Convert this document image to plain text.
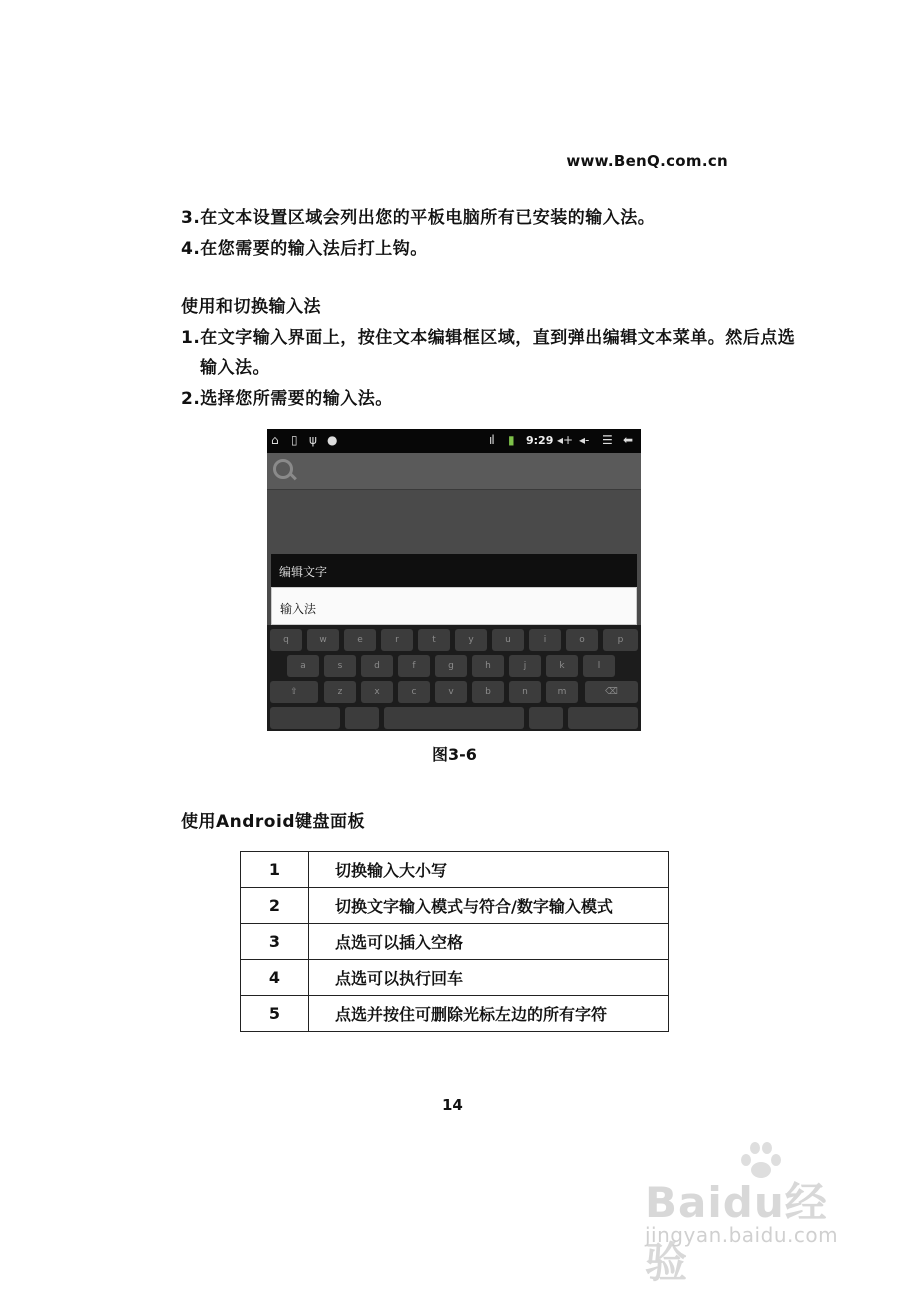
www.BenQ.com.cn
3.在文本设置区域会列出您的平板电脑所有已安装的输入法。
4.在您需要的输入法后打上钩。
使用和切换输入法
1.在文字输入界面上，按住文本编辑框区域，直到弹出编辑文本菜单。然后点选
输入法。
2.选择您所需要的输入法。
⌂ ▯ ψ ●	ıl ▮ 9:29 ◂+ ◂- ☰ ⬅
编辑文字
输入法
q	w	e	r	t	y	u	i	o	p
a	s	d	f	g	h	j	k	l
⇧	z	x	c	v	b	n	m	⌫
图3-6
使用Android键盘面板
1	切换输入大小写
2	切换文字输入模式与符合/数字输入模式
3	点选可以插入空格
4	点选可以执行回车
5	点选并按住可删除光标左边的所有字符
14
Baidu经验
jingyan.baidu.com
